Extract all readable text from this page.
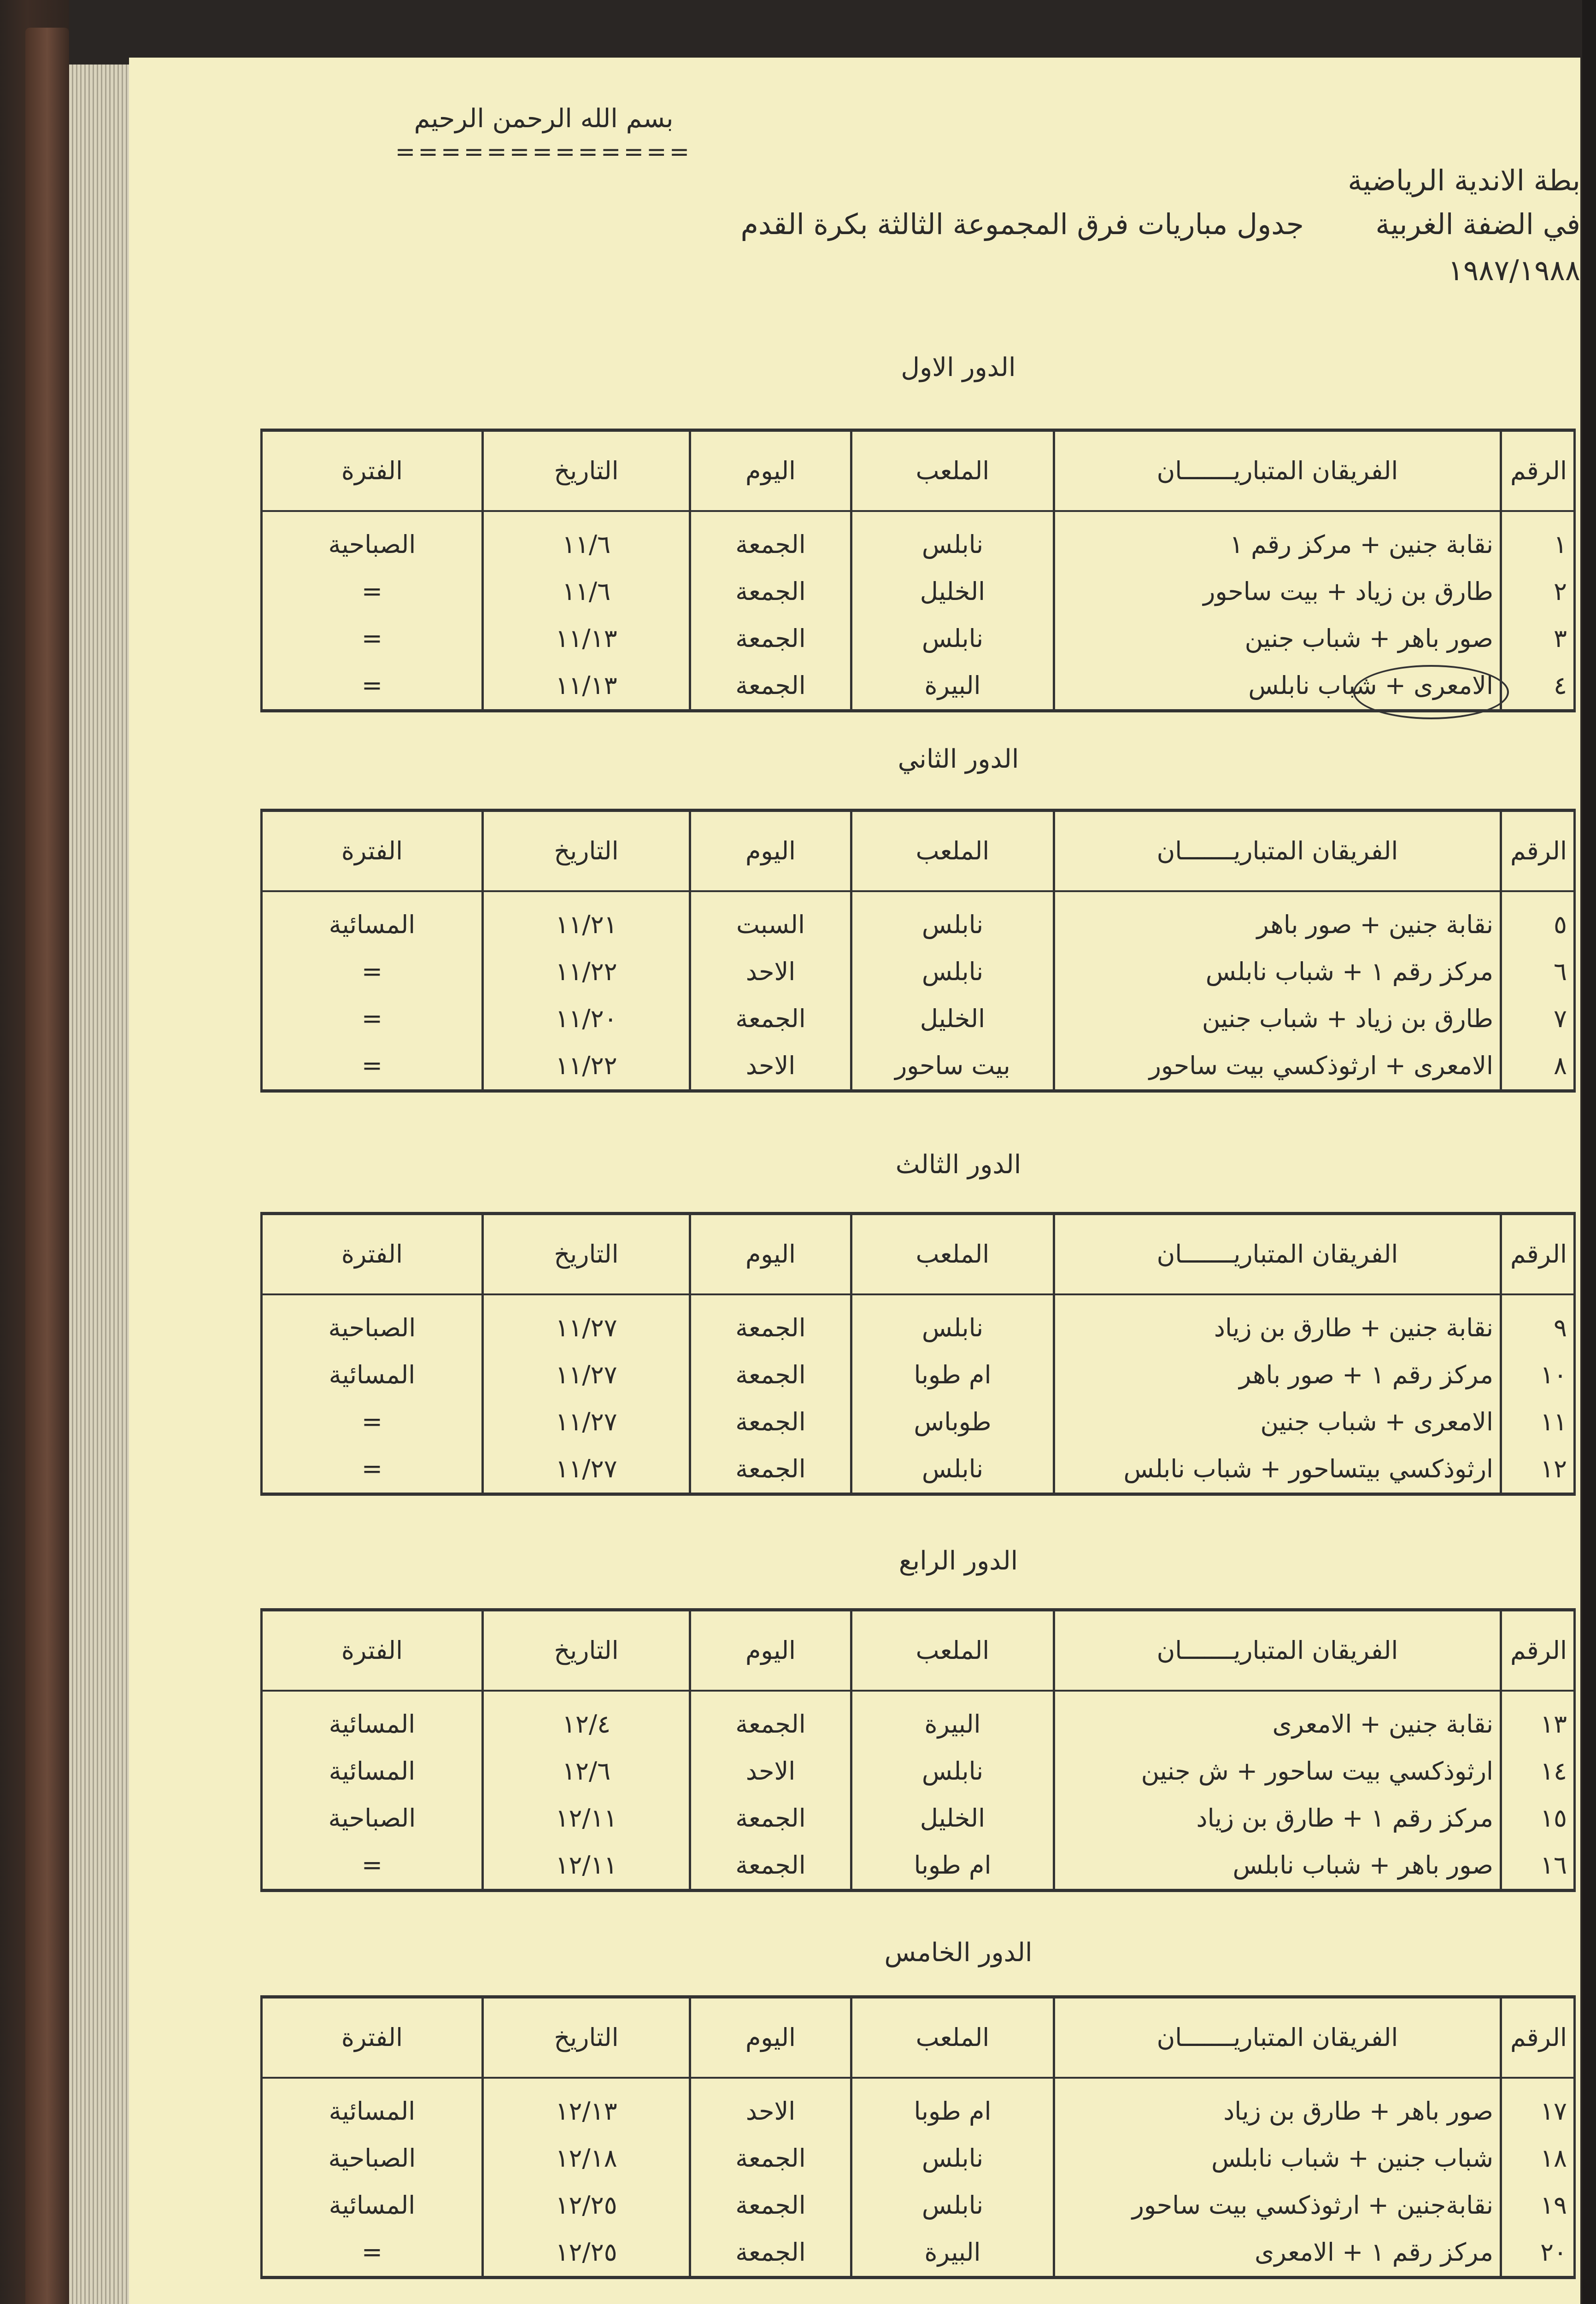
بسم الله الرحمن الرحيم
=============
بطة الاندية الرياضية
في الضفة الغربية
١٩٨٧/١٩٨٨
جدول مباريات فرق المجموعة الثالثة بكرة القدم
الدور الاول
الرقم	الفريقان المتباريـــــــان	الملعب	اليوم	التاريخ	الفترة
١	نقابة جنين + مركز رقم ١	نابلس	الجمعة	١١/٦	الصباحية
٢	طارق بن زياد + بيت ساحور	الخليل	الجمعة	١١/٦	=
٣	صور باهر + شباب جنين	نابلس	الجمعة	١١/١٣	=
٤	الامعرى + شباب نابلس	البيرة	الجمعة	١١/١٣	=
الدور الثاني
الرقم	الفريقان المتباريـــــــان	الملعب	اليوم	التاريخ	الفترة
٥	نقابة جنين + صور باهر	نابلس	السبت	١١/٢١	المسائية
٦	مركز رقم ١ + شباب نابلس	نابلس	الاحد	١١/٢٢	=
٧	طارق بن زياد + شباب جنين	الخليل	الجمعة	١١/٢٠	=
٨	الامعرى + ارثوذكسي بيت ساحور	بيت ساحور	الاحد	١١/٢٢	=
الدور الثالث
الرقم	الفريقان المتباريـــــــان	الملعب	اليوم	التاريخ	الفترة
٩	نقابة جنين + طارق بن زياد	نابلس	الجمعة	١١/٢٧	الصباحية
١٠	مركز رقم ١ + صور باهر	ام طوبا	الجمعة	١١/٢٧	المسائية
١١	الامعرى + شباب جنين	طوباس	الجمعة	١١/٢٧	=
١٢	ارثوذكسي بيتساحور + شباب نابلس	نابلس	الجمعة	١١/٢٧	=
الدور الرابع
الرقم	الفريقان المتباريـــــــان	الملعب	اليوم	التاريخ	الفترة
١٣	نقابة جنين + الامعرى	البيرة	الجمعة	١٢/٤	المسائية
١٤	ارثوذكسي بيت ساحور + ش جنين	نابلس	الاحد	١٢/٦	المسائية
١٥	مركز رقم ١ + طارق بن زياد	الخليل	الجمعة	١٢/١١	الصباحية
١٦	صور باهر + شباب نابلس	ام طوبا	الجمعة	١٢/١١	=
الدور الخامس
الرقم	الفريقان المتباريـــــــان	الملعب	اليوم	التاريخ	الفترة
١٧	صور باهر + طارق بن زياد	ام طوبا	الاحد	١٢/١٣	المسائية
١٨	شباب جنين + شباب نابلس	نابلس	الجمعة	١٢/١٨	الصباحية
١٩	نقابةجنين + ارثوذكسي بيت ساحور	نابلس	الجمعة	١٢/٢٥	المسائية
٢٠	مركز رقم ١ + الامعرى	البيرة	الجمعة	١٢/٢٥	=
